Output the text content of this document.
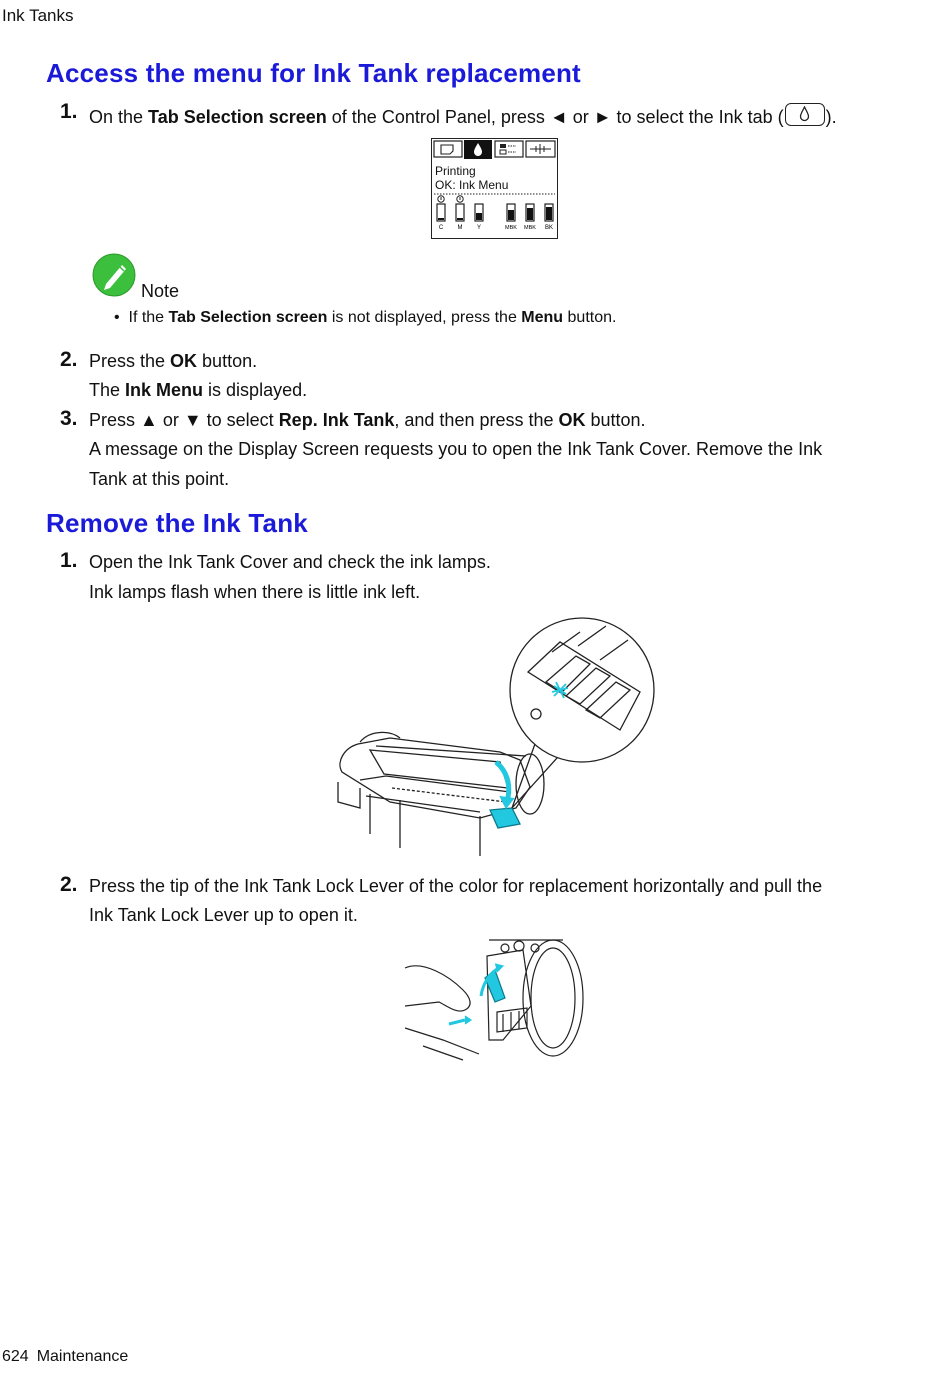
Ink Tanks
Access the menu for Ink Tank replacement
1. On the Tab Selection screen of the Control Panel, press ◄ or ► to select the Ink tab ( ).
Printing
OK: Ink Menu
C M Y	MBK MBK BK
Note
• If the Tab Selection screen is not displayed, press the Menu button.
2. Press the OK button.
The Ink Menu is displayed.
3. Press ▲ or ▼ to select Rep. Ink Tank, and then press the OK button.
A message on the Display Screen requests you to open the Ink Tank Cover. Remove the Ink
Tank at this point.
Remove the Ink Tank
1. Open the Ink Tank Cover and check the ink lamps.
Ink lamps flash when there is little ink left.
2. Press the tip of the Ink Tank Lock Lever of the color for replacement horizontally and pull the
Ink Tank Lock Lever up to open it.
624 Maintenance
